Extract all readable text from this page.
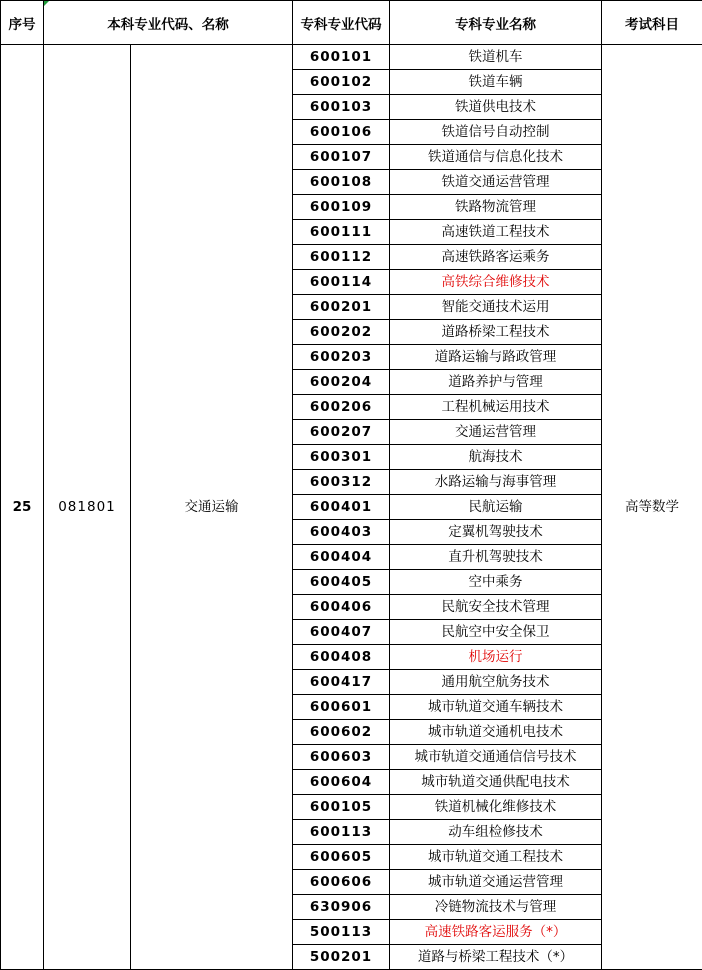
序号	本科专业代码、名称		专科专业代码	专科专业名称	考试科目
25	081801	交通运输	600101	铁道机车	高等数学
			600102	铁道车辆	
			600103	铁道供电技术	
			600106	铁道信号自动控制	
			600107	铁道通信与信息化技术	
			600108	铁道交通运营管理	
			600109	铁路物流管理	
			600111	高速铁道工程技术	
			600112	高速铁路客运乘务	
			600114	高铁综合维修技术	
			600201	智能交通技术运用	
			600202	道路桥梁工程技术	
			600203	道路运输与路政管理	
			600204	道路养护与管理	
			600206	工程机械运用技术	
			600207	交通运营管理	
			600301	航海技术	
			600312	水路运输与海事管理	
			600401	民航运输	
			600403	定翼机驾驶技术	
			600404	直升机驾驶技术	
			600405	空中乘务	
			600406	民航安全技术管理	
			600407	民航空中安全保卫	
			600408	机场运行	
			600417	通用航空航务技术	
			600601	城市轨道交通车辆技术	
			600602	城市轨道交通机电技术	
			600603	城市轨道交通通信信号技术	
			600604	城市轨道交通供配电技术	
			600105	铁道机械化维修技术	
			600113	动车组检修技术	
			600605	城市轨道交通工程技术	
			600606	城市轨道交通运营管理	
			630906	冷链物流技术与管理	
			500113	高速铁路客运服务（*）	
			500201	道路与桥梁工程技术（*）	
